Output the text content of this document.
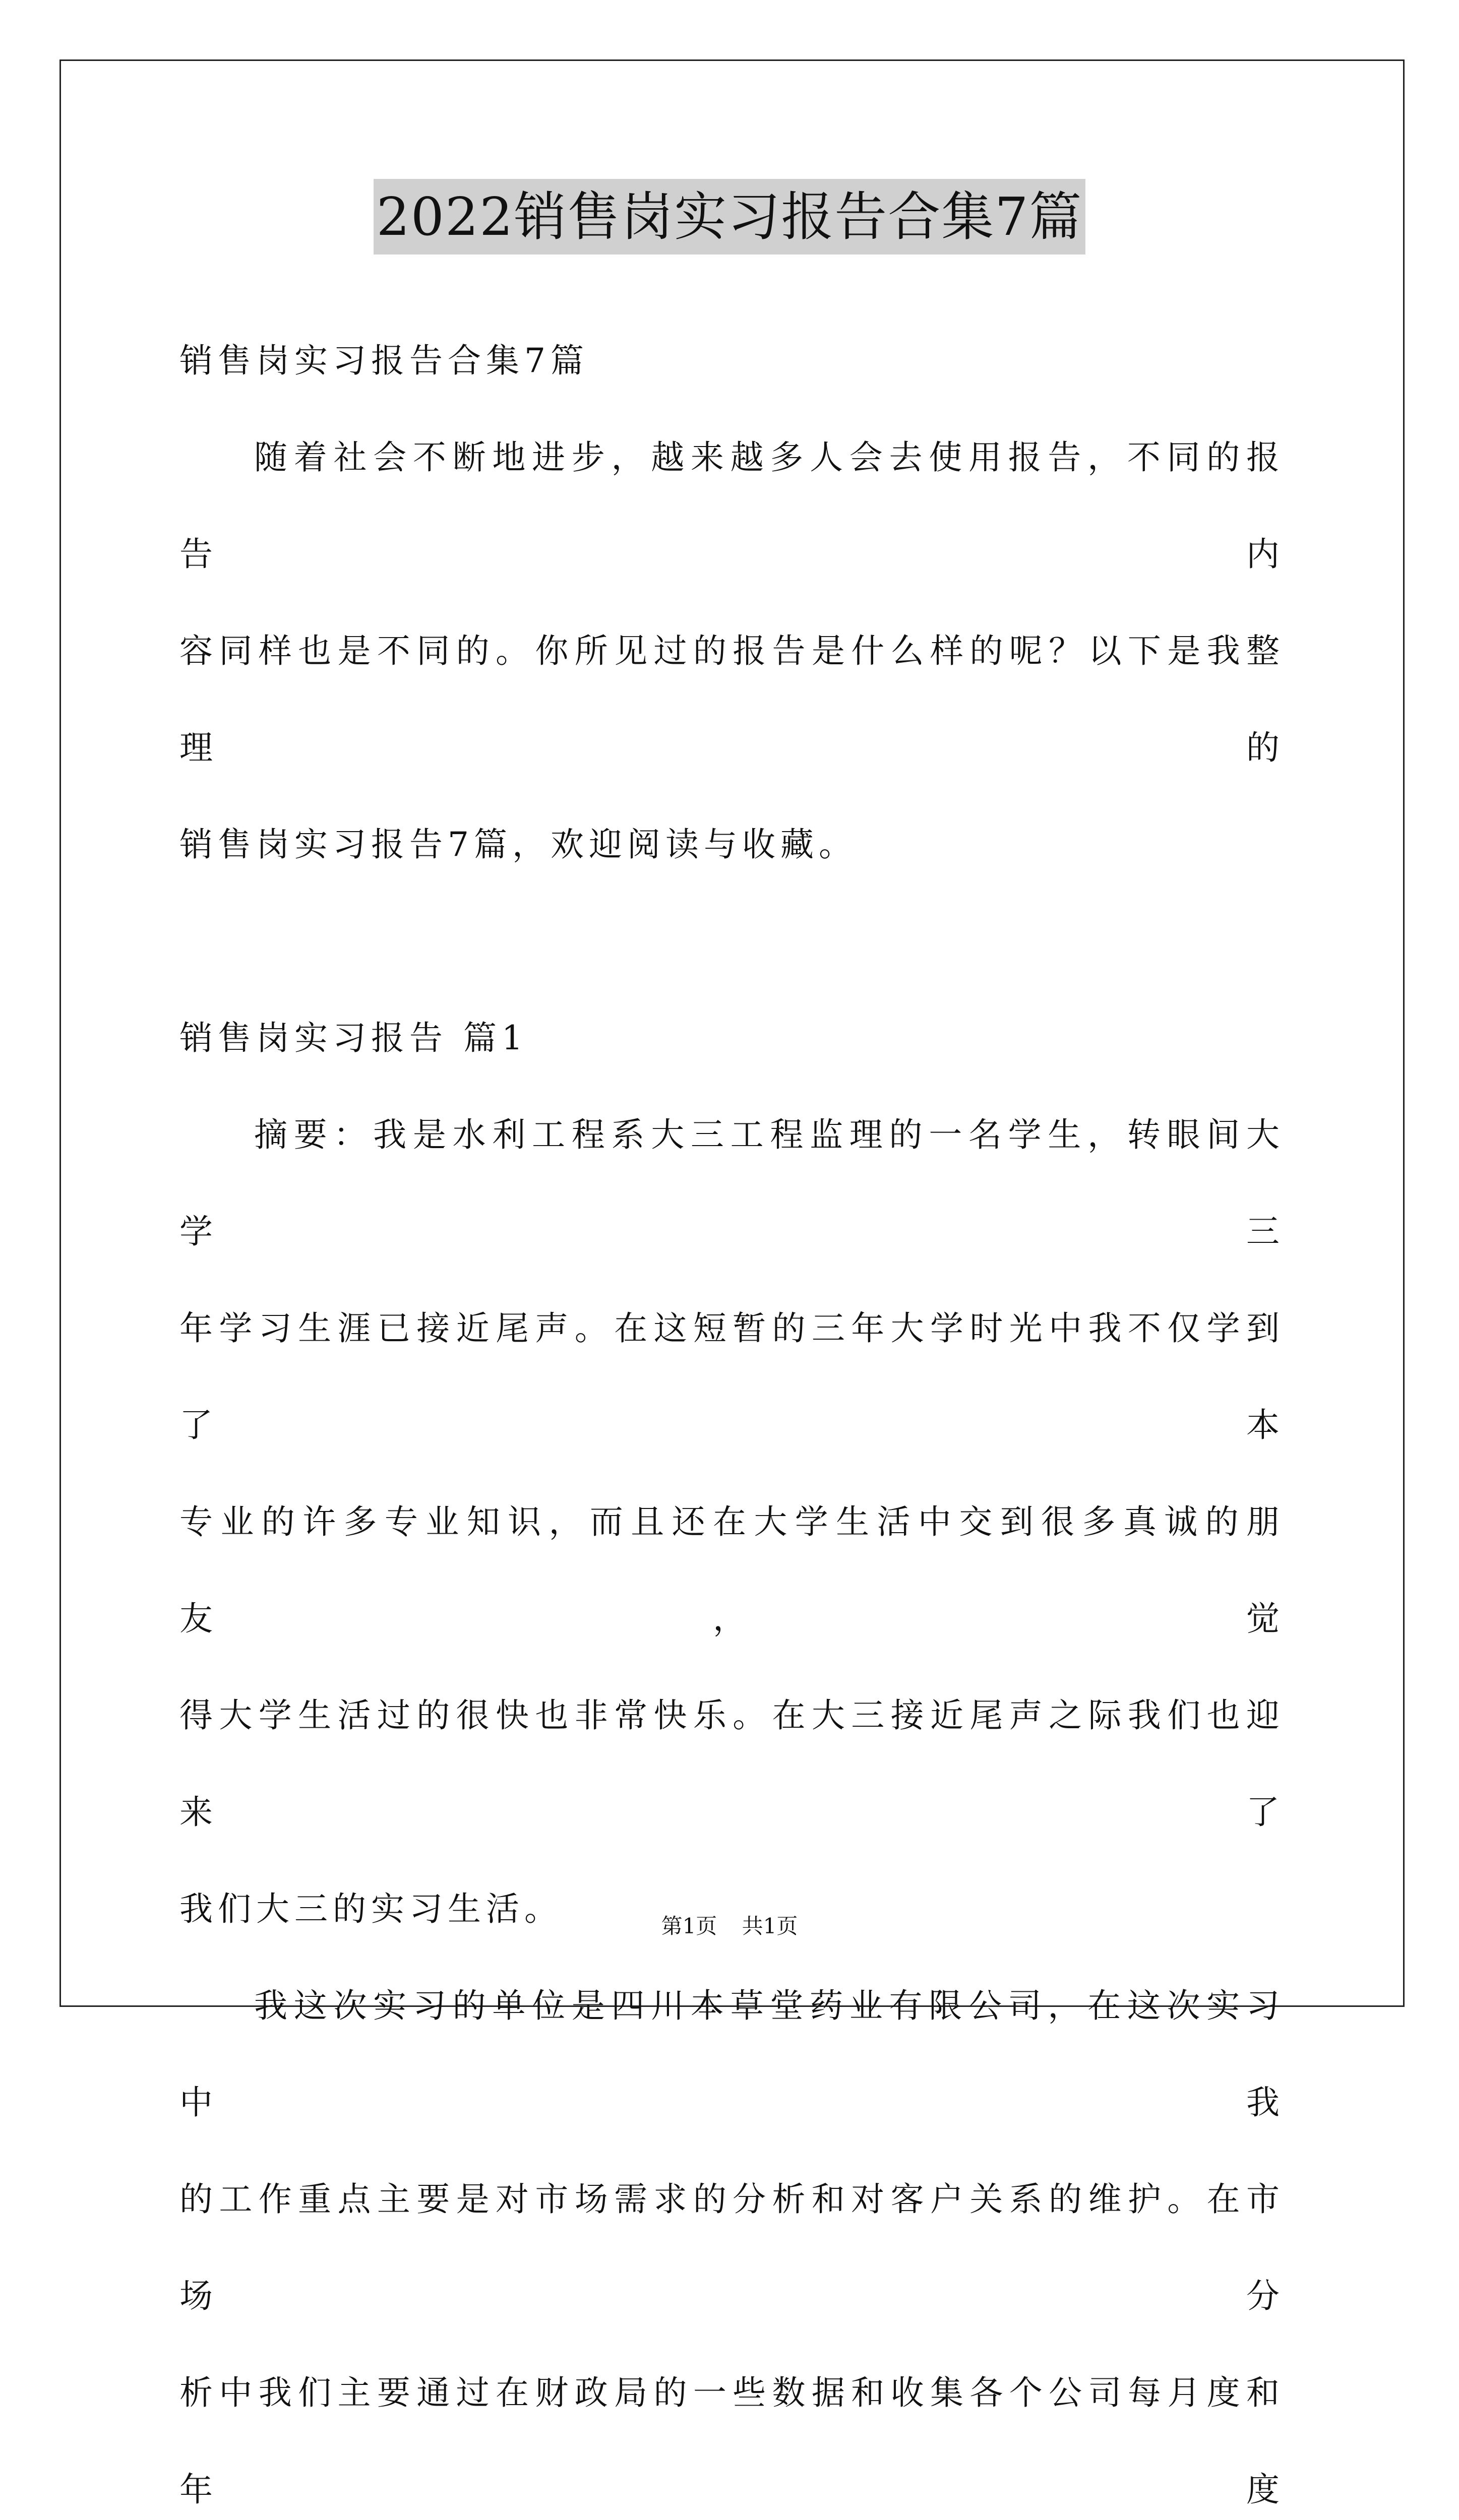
2022销售岗实习报告合集7篇

销售岗实习报告合集7篇

随着社会不断地进步，越来越多人会去使用报告，不同的报告内

容同样也是不同的。你所见过的报告是什么样的呢？以下是我整理的

销售岗实习报告7篇，欢迎阅读与收藏。

销售岗实习报告 篇1

摘要：我是水利工程系大三工程监理的一名学生，转眼间大学三

年学习生涯已接近尾声。在这短暂的三年大学时光中我不仅学到了本

专业的许多专业知识，而且还在大学生活中交到很多真诚的朋友，觉

得大学生活过的很快也非常快乐。在大三接近尾声之际我们也迎来了

我们大三的实习生活。

我这次实习的单位是四川本草堂药业有限公司，在这次实习中我

的工作重点主要是对市场需求的分析和对客户关系的维护。在市场分

析中我们主要通过在财政局的一些数据和收集各个公司每月度和年度

第1页 共1页
